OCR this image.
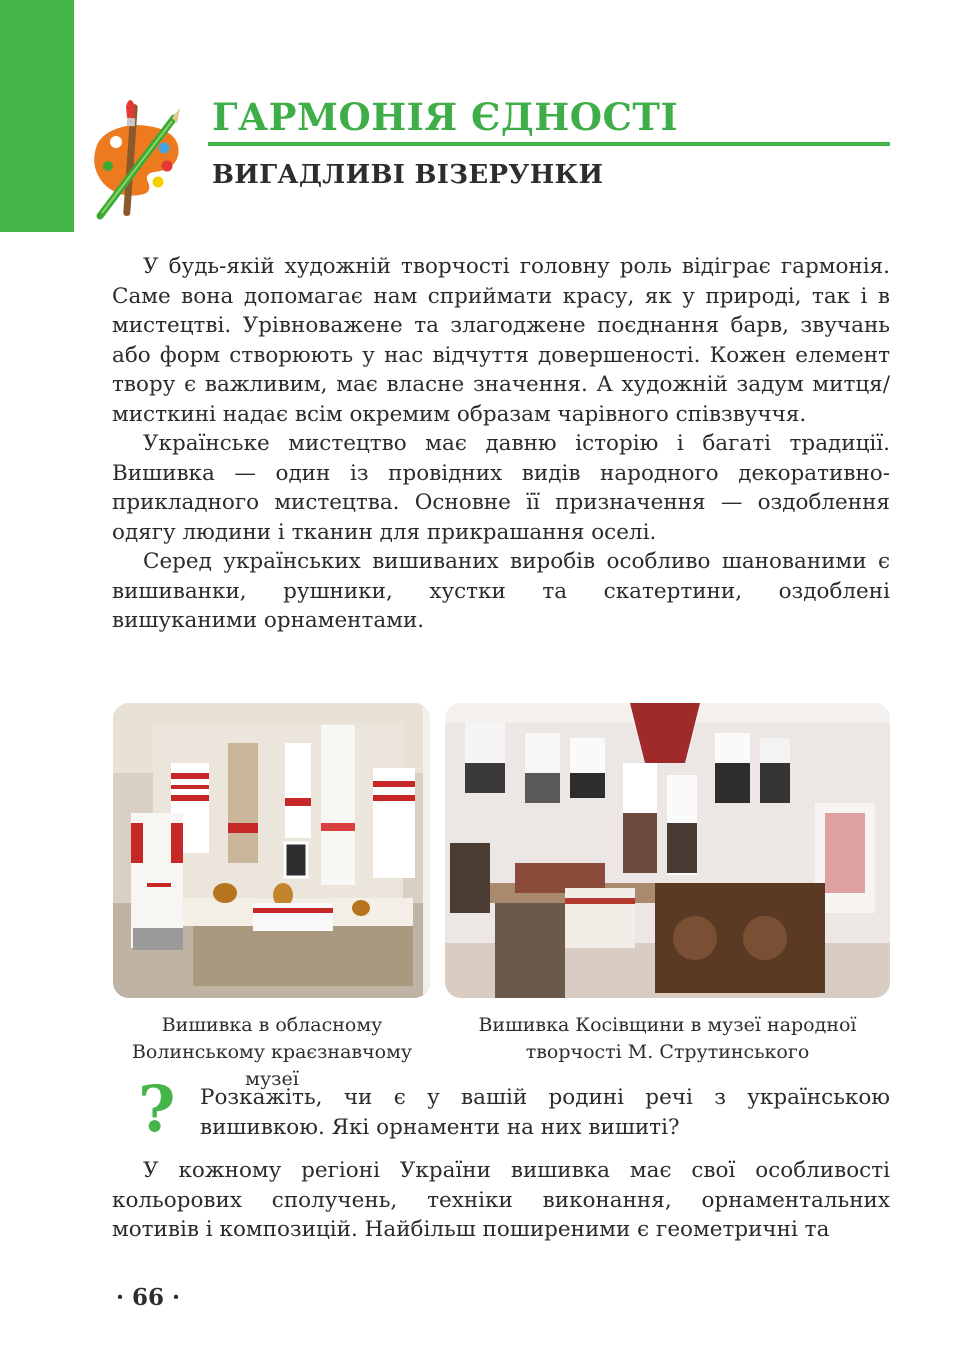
ГАРМОНІЯ ЄДНОСТІ
ВИГАДЛИВІ ВІЗЕРУНКИ

У будь-якій художній творчості головну роль відіграє гармонія. Саме вона допомагає нам сприймати красу, як у природі, так і в мистецтві. Урівноважене та злагоджене поєднання барв, звучань або форм створюють у нас відчуття довершеності. Кожен елемент твору є важливим, має власне значення. А художній задум митця/мисткині надає всім окремим образам чарівного співзвуччя.

Українське мистецтво має давню історію і багаті традиції. Вишивка — один із провідних видів народного декоративно-прикладного мистецтва. Основне її призначення — оздоблення одягу людини і тканин для прикрашання оселі.

Серед українських вишиваних виробів особливо шанованими є вишиванки, рушники, хустки та скатертини, оздоблені вишуканими орнаментами.

Вишивка в обласному Волинському краєзнавчому музеї

Вишивка Косівщини в музеї народної творчості М. Струтинського

? Розкажіть, чи є у вашій родині речі з українською вишивкою. Які орнаменти на них вишиті?

У кожному регіоні України вишивка має свої особливості кольорових сполучень, техніки виконання, орнаментальних мотивів і композицій. Найбільш поширеними є геометричні та

· 66 ·
